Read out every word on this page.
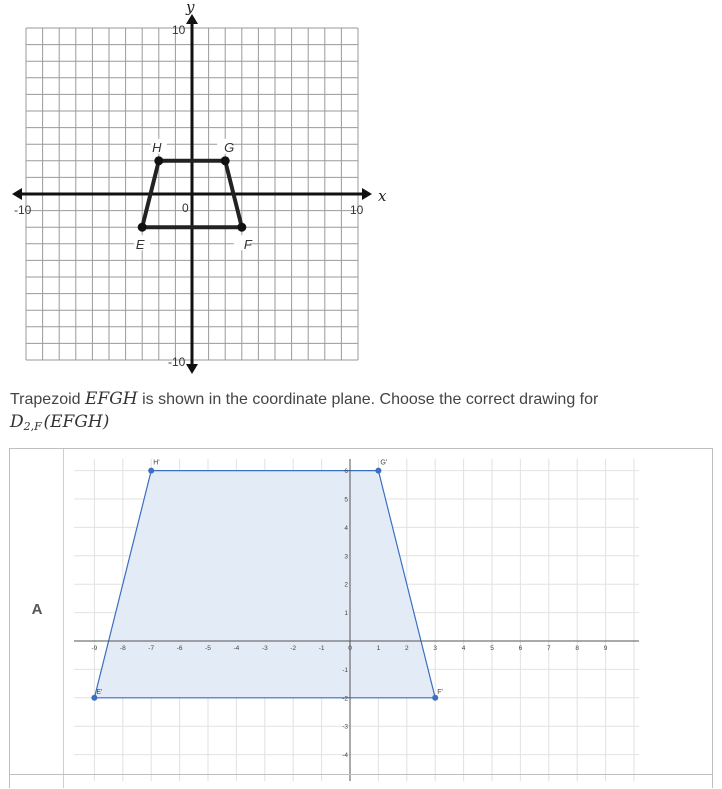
E	F
G
H
x
y
-10	10
10
-10
0
Trapezoid EFGH is shown in the coordinate plane. Choose the correct drawing for
$D_{2,F}$  (EFGH)
A
-9	-8	-7	-6	-5	-4	-3	-2	-1	0	1	2	3	4	5	6	7	8	9
6
5
4
3
2
1
-1
-2
-3
-4
E'	F'
G'
H'
